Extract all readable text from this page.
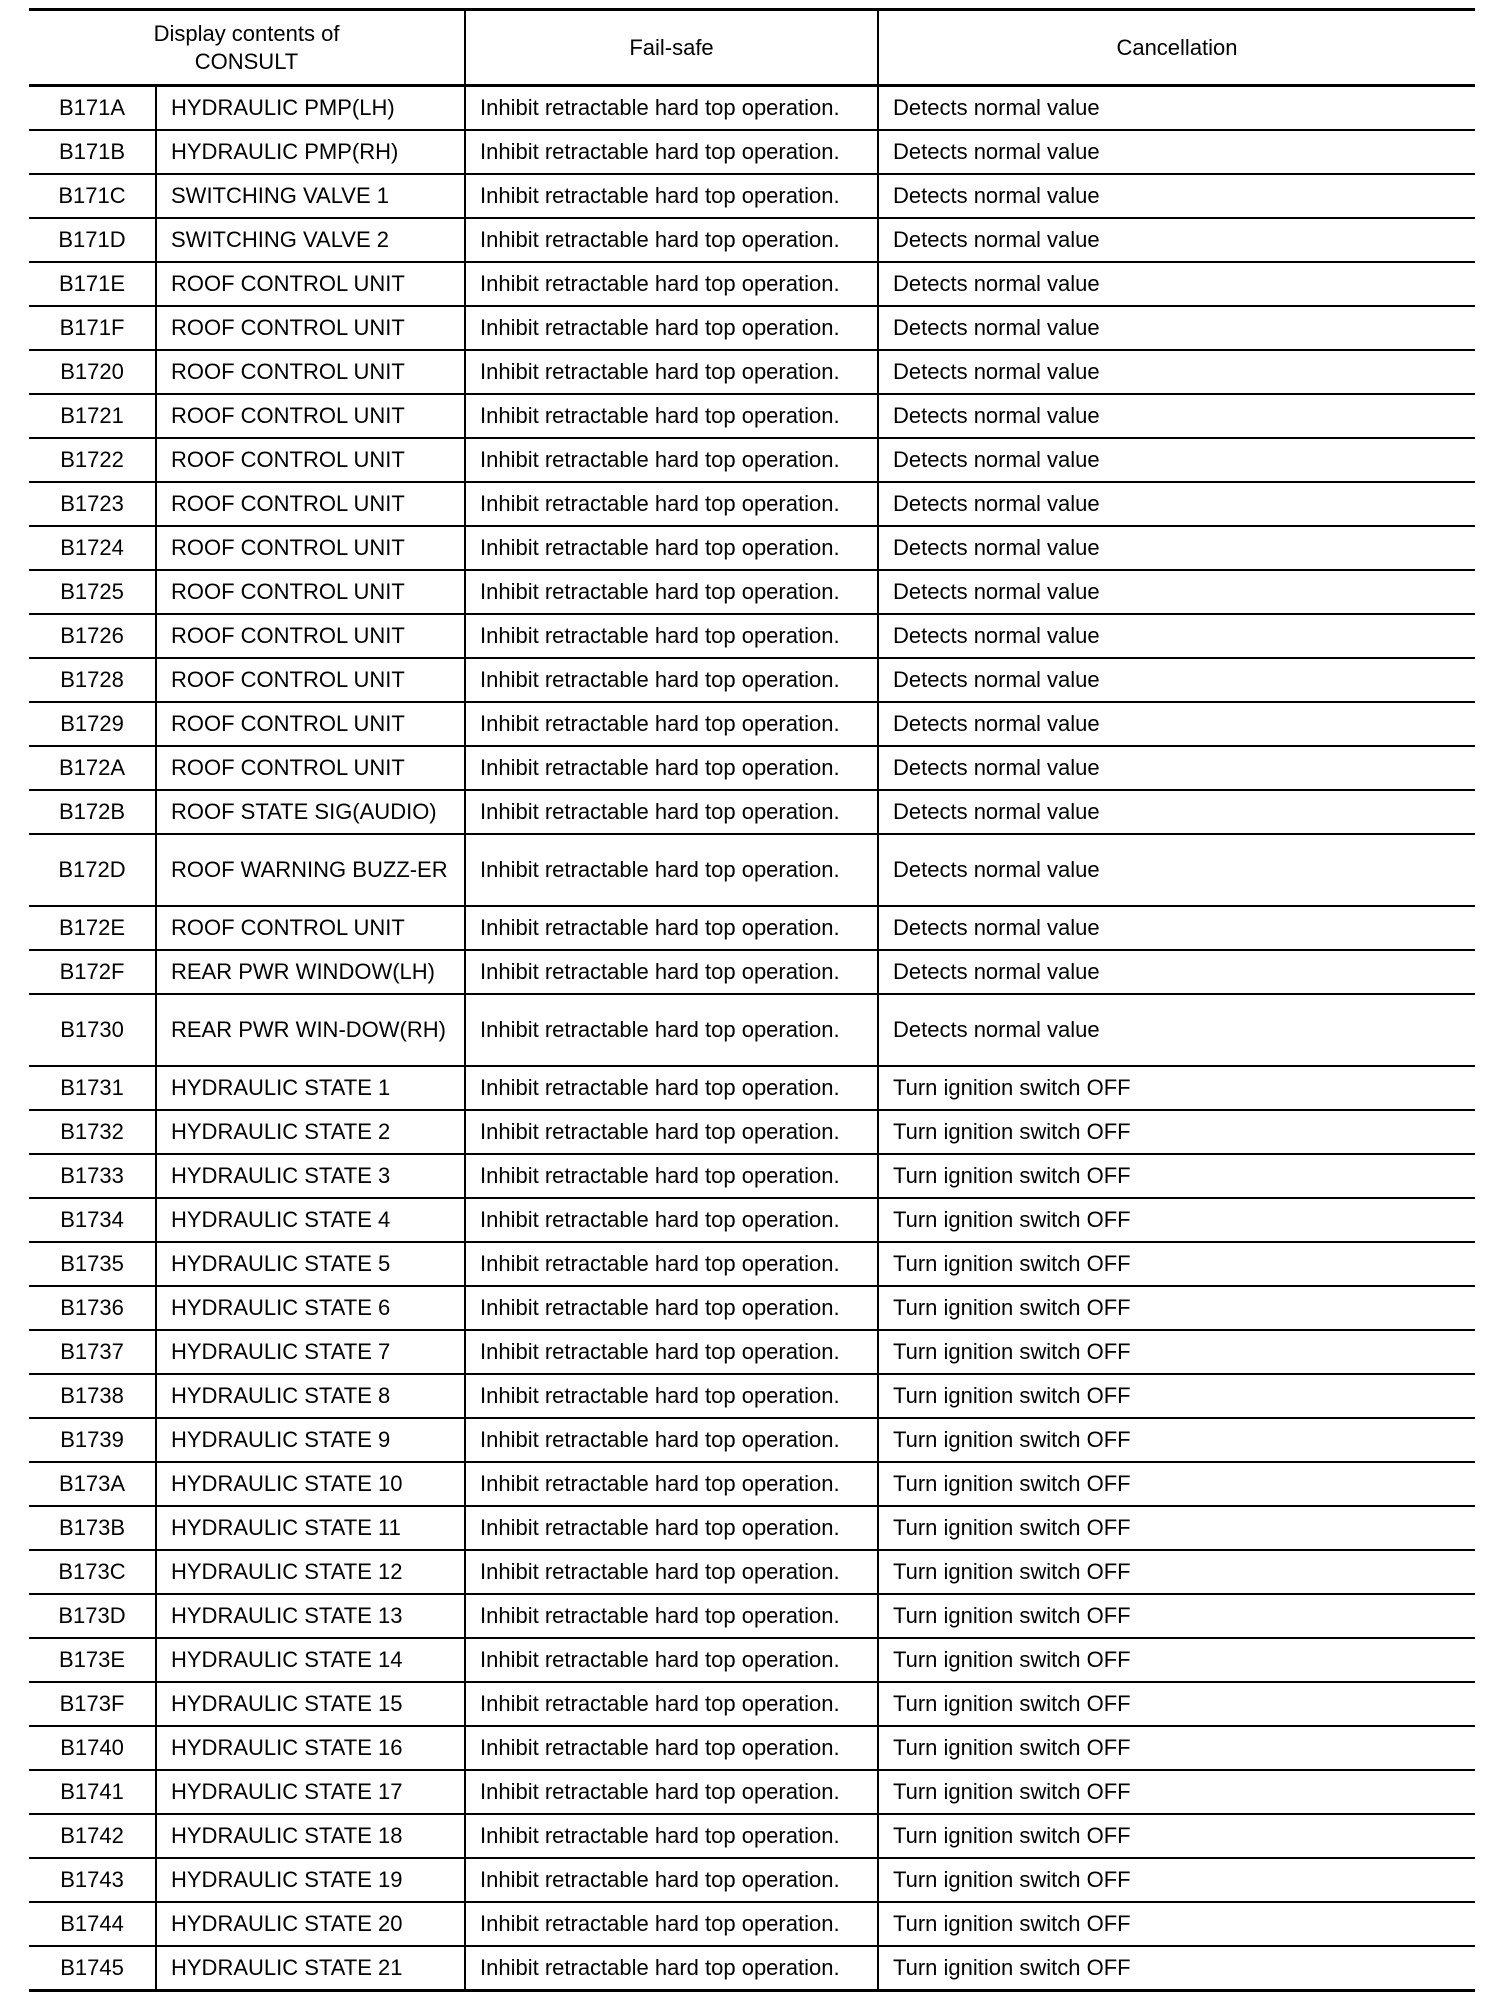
Display contents of
CONSULT		Fail-safe	Cancellation
B171A	HYDRAULIC PMP(LH)	Inhibit retractable hard top operation.	Detects normal value
B171B	HYDRAULIC PMP(RH)	Inhibit retractable hard top operation.	Detects normal value
B171C	SWITCHING VALVE 1	Inhibit retractable hard top operation.	Detects normal value
B171D	SWITCHING VALVE 2	Inhibit retractable hard top operation.	Detects normal value
B171E	ROOF CONTROL UNIT	Inhibit retractable hard top operation.	Detects normal value
B171F	ROOF CONTROL UNIT	Inhibit retractable hard top operation.	Detects normal value
B1720	ROOF CONTROL UNIT	Inhibit retractable hard top operation.	Detects normal value
B1721	ROOF CONTROL UNIT	Inhibit retractable hard top operation.	Detects normal value
B1722	ROOF CONTROL UNIT	Inhibit retractable hard top operation.	Detects normal value
B1723	ROOF CONTROL UNIT	Inhibit retractable hard top operation.	Detects normal value
B1724	ROOF CONTROL UNIT	Inhibit retractable hard top operation.	Detects normal value
B1725	ROOF CONTROL UNIT	Inhibit retractable hard top operation.	Detects normal value
B1726	ROOF CONTROL UNIT	Inhibit retractable hard top operation.	Detects normal value
B1728	ROOF CONTROL UNIT	Inhibit retractable hard top operation.	Detects normal value
B1729	ROOF CONTROL UNIT	Inhibit retractable hard top operation.	Detects normal value
B172A	ROOF CONTROL UNIT	Inhibit retractable hard top operation.	Detects normal value
B172B	ROOF STATE SIG(AUDIO)	Inhibit retractable hard top operation.	Detects normal value
B172D	ROOF WARNING BUZZ-ER	Inhibit retractable hard top operation.	Detects normal value
B172E	ROOF CONTROL UNIT	Inhibit retractable hard top operation.	Detects normal value
B172F	REAR PWR WINDOW(LH)	Inhibit retractable hard top operation.	Detects normal value
B1730	REAR PWR WIN-DOW(RH)	Inhibit retractable hard top operation.	Detects normal value
B1731	HYDRAULIC STATE 1	Inhibit retractable hard top operation.	Turn ignition switch OFF
B1732	HYDRAULIC STATE 2	Inhibit retractable hard top operation.	Turn ignition switch OFF
B1733	HYDRAULIC STATE 3	Inhibit retractable hard top operation.	Turn ignition switch OFF
B1734	HYDRAULIC STATE 4	Inhibit retractable hard top operation.	Turn ignition switch OFF
B1735	HYDRAULIC STATE 5	Inhibit retractable hard top operation.	Turn ignition switch OFF
B1736	HYDRAULIC STATE 6	Inhibit retractable hard top operation.	Turn ignition switch OFF
B1737	HYDRAULIC STATE 7	Inhibit retractable hard top operation.	Turn ignition switch OFF
B1738	HYDRAULIC STATE 8	Inhibit retractable hard top operation.	Turn ignition switch OFF
B1739	HYDRAULIC STATE 9	Inhibit retractable hard top operation.	Turn ignition switch OFF
B173A	HYDRAULIC STATE 10	Inhibit retractable hard top operation.	Turn ignition switch OFF
B173B	HYDRAULIC STATE 11	Inhibit retractable hard top operation.	Turn ignition switch OFF
B173C	HYDRAULIC STATE 12	Inhibit retractable hard top operation.	Turn ignition switch OFF
B173D	HYDRAULIC STATE 13	Inhibit retractable hard top operation.	Turn ignition switch OFF
B173E	HYDRAULIC STATE 14	Inhibit retractable hard top operation.	Turn ignition switch OFF
B173F	HYDRAULIC STATE 15	Inhibit retractable hard top operation.	Turn ignition switch OFF
B1740	HYDRAULIC STATE 16	Inhibit retractable hard top operation.	Turn ignition switch OFF
B1741	HYDRAULIC STATE 17	Inhibit retractable hard top operation.	Turn ignition switch OFF
B1742	HYDRAULIC STATE 18	Inhibit retractable hard top operation.	Turn ignition switch OFF
B1743	HYDRAULIC STATE 19	Inhibit retractable hard top operation.	Turn ignition switch OFF
B1744	HYDRAULIC STATE 20	Inhibit retractable hard top operation.	Turn ignition switch OFF
B1745	HYDRAULIC STATE 21	Inhibit retractable hard top operation.	Turn ignition switch OFF
